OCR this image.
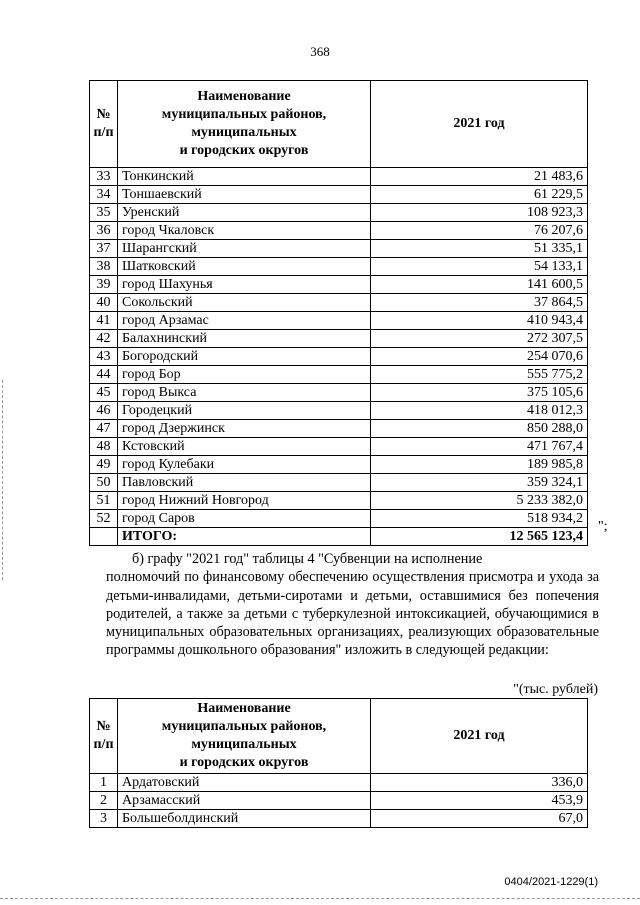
368
№
п/п	Наименование
муниципальных районов,
муниципальных
и городских округов	2021 год
33	Тонкинский	21 483,6
34	Тоншаевский	61 229,5
35	Уренский	108 923,3
36	город Чкаловск	76 207,6
37	Шарангский	51 335,1
38	Шатковский	54 133,1
39	город Шахунья	141 600,5
40	Сокольский	37 864,5
41	город Арзамас	410 943,4
42	Балахнинский	272 307,5
43	Богородский	254 070,6
44	город Бор	555 775,2
45	город Выкса	375 105,6
46	Городецкий	418 012,3
47	город Дзержинск	850 288,0
48	Кстовский	471 767,4
49	город Кулебаки	189 985,8
50	Павловский	359 324,1
51	город Нижний Новгород	5 233 382,0
52	город Саров	518 934,2
	ИТОГО:	12 565 123,4
";
б) графу "2021 год" таблицы 4 "Субвенции на исполнение
полномочий по финансовому обеспечению осуществления присмотра и ухода за детьми-инвалидами, детьми-сиротами и детьми, оставшимися без попечения родителей, а также за детьми с туберкулезной интоксикацией, обучающимися в муниципальных образовательных организациях, реализующих образовательные программы дошкольного образования" изложить в следующей редакции:
"(тыс. рублей)
№
п/п	Наименование
муниципальных районов,
муниципальных
и городских округов	2021 год
1	Ардатовский	336,0
2	Арзамасский	453,9
3	Большеболдинский	67,0
0404/2021-1229(1)
